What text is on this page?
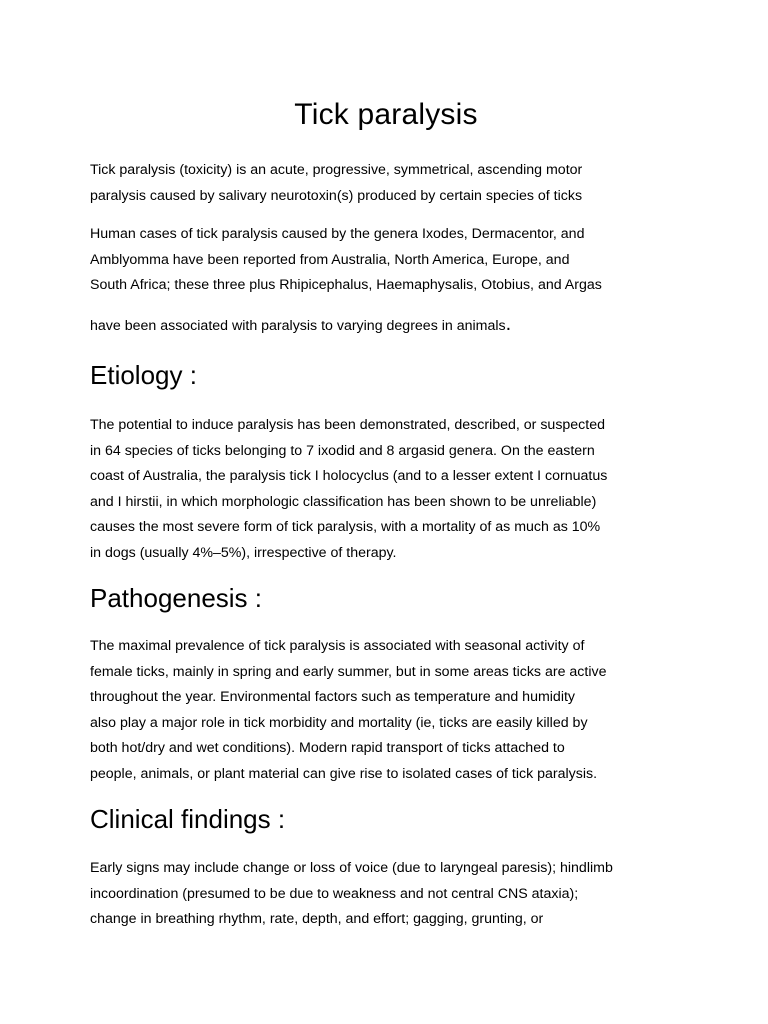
Tick paralysis

Tick paralysis (toxicity) is an acute, progressive, symmetrical, ascending motor
paralysis caused by salivary neurotoxin(s) produced by certain species of ticks

Human cases of tick paralysis caused by the genera Ixodes, Dermacentor, and
Amblyomma have been reported from Australia, North America, Europe, and
South Africa; these three plus Rhipicephalus, Haemaphysalis, Otobius, and Argas

have been associated with paralysis to varying degrees in animals.

Etiology :

The potential to induce paralysis has been demonstrated, described, or suspected
in 64 species of ticks belonging to 7 ixodid and 8 argasid genera. On the eastern
coast of Australia, the paralysis tick I holocyclus (and to a lesser extent I cornuatus
and I hirstii, in which morphologic classification has been shown to be unreliable)
causes the most severe form of tick paralysis, with a mortality of as much as 10%
in dogs (usually 4%–5%), irrespective of therapy.

Pathogenesis :

The maximal prevalence of tick paralysis is associated with seasonal activity of
female ticks, mainly in spring and early summer, but in some areas ticks are active
throughout the year. Environmental factors such as temperature and humidity
also play a major role in tick morbidity and mortality (ie, ticks are easily killed by
both hot/dry and wet conditions). Modern rapid transport of ticks attached to
people, animals, or plant material can give rise to isolated cases of tick paralysis.

Clinical findings :

Early signs may include change or loss of voice (due to laryngeal paresis); hindlimb
incoordination (presumed to be due to weakness and not central CNS ataxia);
change in breathing rhythm, rate, depth, and effort; gagging, grunting, or
